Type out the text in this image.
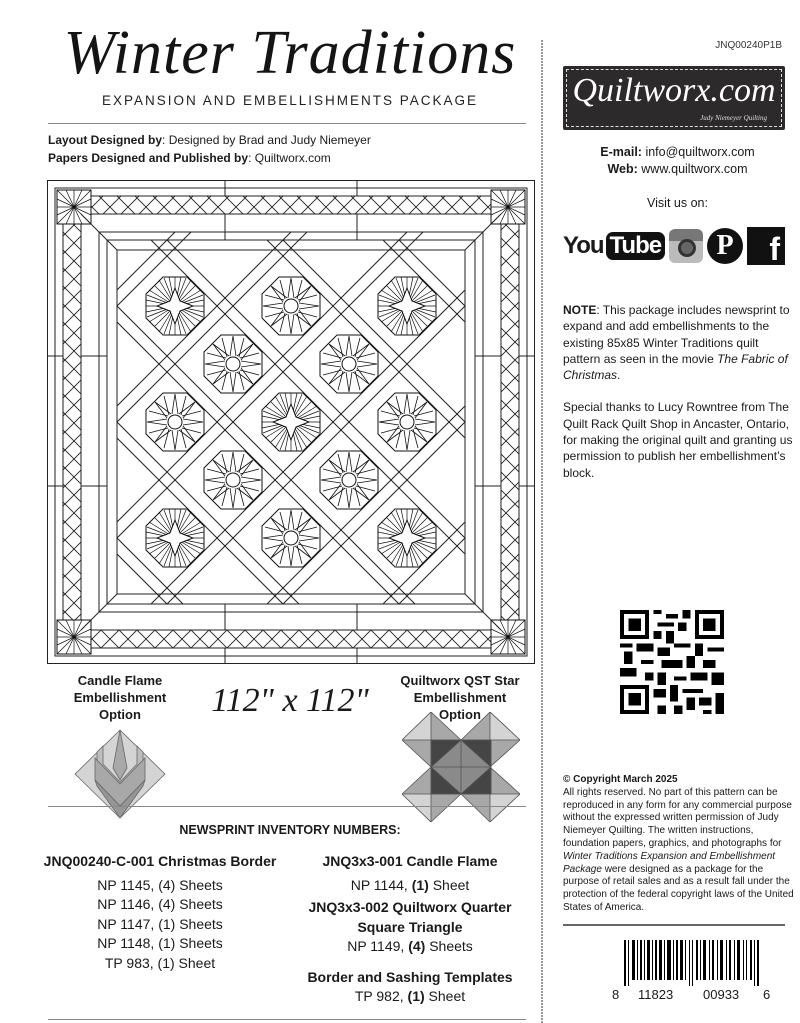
Winter Traditions
EXPANSION AND EMBELLISHMENTS PACKAGE
Layout Designed by: Designed by Brad and Judy Niemeyer
Papers Designed and Published by: Quiltworx.com
Candle Flame
Embellishment
Option	112" x 112"
Quiltworx QST Star
Embellishment
Option
NEWSPRINT INVENTORY NUMBERS:
JNQ00240-C-001 Christmas Border
NP 1145, (4) Sheets
NP 1146, (4) Sheets
NP 1147, (1) Sheets
NP 1148, (1) Sheets
TP 983, (1) Sheet
JNQ3x3-001 Candle Flame
NP 1144, (1) Sheet
JNQ3x3-002 Quiltworx Quarter Square Triangle
NP 1149, (4) Sheets
Border and Sashing Templates
TP 982, (1) Sheet
JNQ00240P1B
Quiltworx.com
Judy Niemeyer Quilting
E-mail: info@quiltworx.com
Web: www.quiltworx.com
Visit us on:
You Tube	P	f

NOTE: This package includes newsprint to expand and add embellishments to the existing 85x85 Winter Traditions quilt pattern as seen in the movie The Fabric of Christmas.

Special thanks to Lucy Rowntree from The Quilt Rack Quilt Shop in Ancaster, Ontario, for making the original quilt and granting us permission to publish her embellishment’s block.

© Copyright March 2025
All rights reserved. No part of this pattern can be reproduced in any form for any commercial purpose without the expressed written permission of Judy Niemeyer Quilting. The written instructions, foundation papers, graphics, and photographs for Winter Traditions Expansion and Embellishment Package were designed as a package for the purpose of retail sales and as a result fall under the protection of the federal copyright laws of the United States of America.
8 11823 00933 6
